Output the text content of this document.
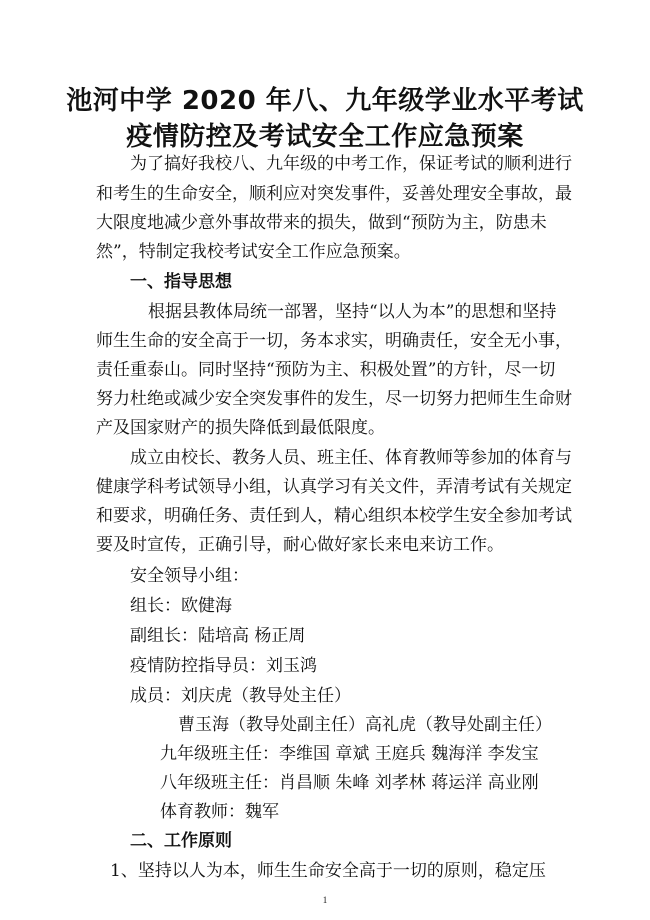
池河中学 2020 年八、九年级学业水平考试
疫情防控及考试安全工作应急预案
为了搞好我校八、九年级的中考工作，保证考试的顺利进行
和考生的生命安全，顺利应对突发事件，妥善处理安全事故，最
大限度地减少意外事故带来的损失，做到“预防为主，防患未
然”，特制定我校考试安全工作应急预案。
一、指导思想
根据县教体局统一部署，坚持“以人为本”的思想和坚持
师生生命的安全高于一切，务本求实，明确责任，安全无小事，
责任重泰山。同时坚持“预防为主、积极处置”的方针，尽一切
努力杜绝或减少安全突发事件的发生，尽一切努力把师生生命财
产及国家财产的损失降低到最低限度。
成立由校长、教务人员、班主任、体育教师等参加的体育与
健康学科考试领导小组，认真学习有关文件，弄清考试有关规定
和要求，明确任务、责任到人，精心组织本校学生安全参加考试
要及时宣传，正确引导，耐心做好家长来电来访工作。
安全领导小组：
组长：欧健海
副组长：陆培高 杨正周
疫情防控指导员：刘玉鸿
成员：刘庆虎（教导处主任）
曹玉海（教导处副主任）高礼虎（教导处副主任）
九年级班主任：李维国 章斌 王庭兵 魏海洋 李发宝
八年级班主任：肖昌顺 朱峰 刘孝林 蒋运洋 高业刚
体育教师：魏军
二、工作原则
1、坚持以人为本，师生生命安全高于一切的原则，稳定压
1
